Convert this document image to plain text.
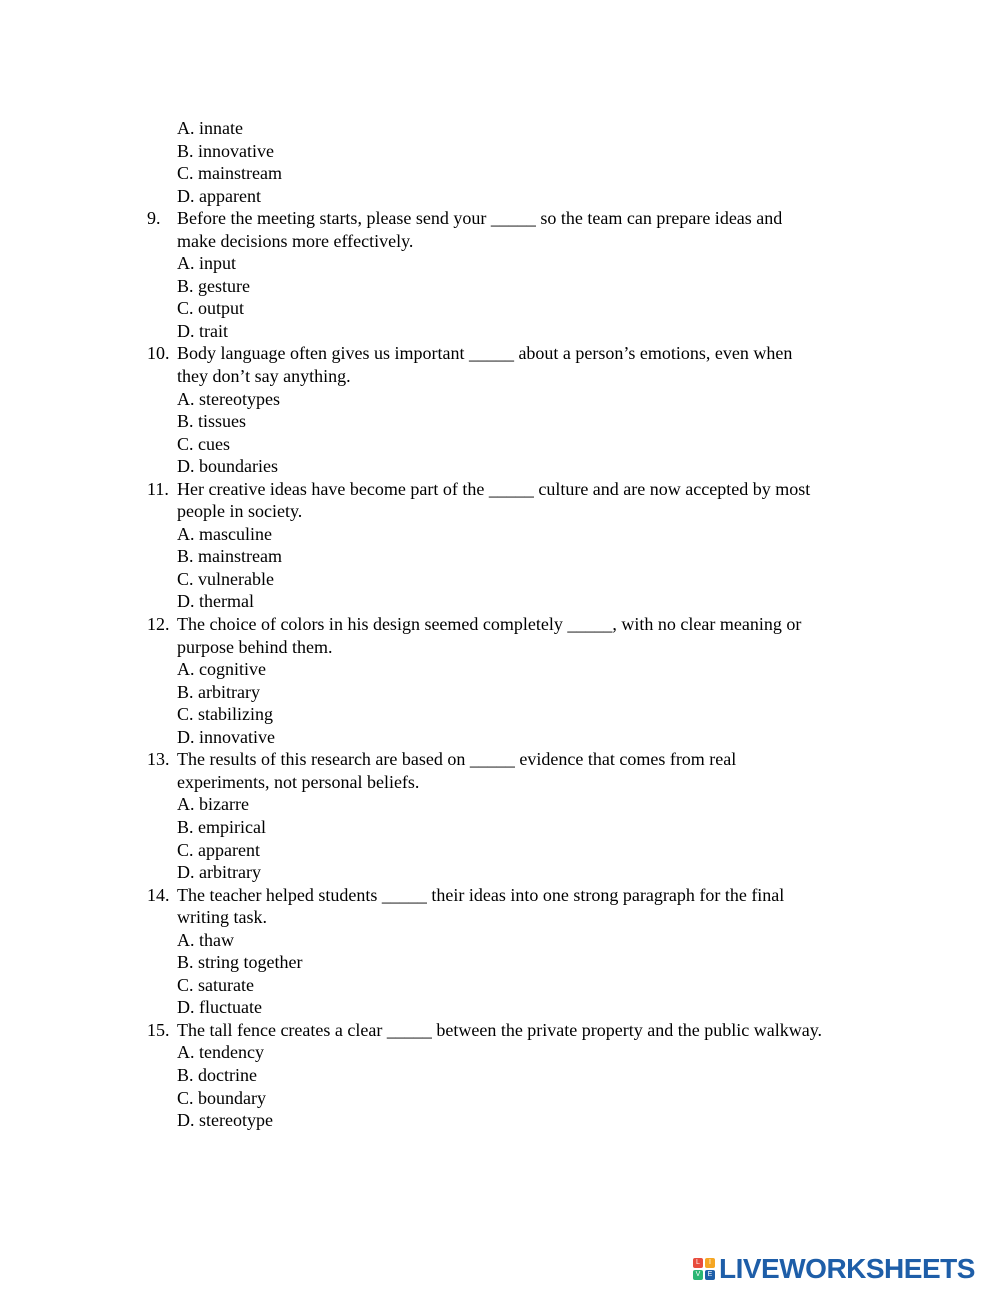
A. innate
B. innovative
C. mainstream
D. apparent
9. Before the meeting starts, please send your _____ so the team can prepare ideas and
make decisions more effectively.
A. input
B. gesture
C. output
D. trait
10. Body language often gives us important _____ about a person’s emotions, even when
they don’t say anything.
A. stereotypes
B. tissues
C. cues
D. boundaries
11. Her creative ideas have become part of the _____ culture and are now accepted by most
people in society.
A. masculine
B. mainstream
C. vulnerable
D. thermal
12. The choice of colors in his design seemed completely _____, with no clear meaning or
purpose behind them.
A. cognitive
B. arbitrary
C. stabilizing
D. innovative
13. The results of this research are based on _____ evidence that comes from real
experiments, not personal beliefs.
A. bizarre
B. empirical
C. apparent
D. arbitrary
14. The teacher helped students _____ their ideas into one strong paragraph for the final
writing task.
A. thaw
B. string together
C. saturate
D. fluctuate
15. The tall fence creates a clear _____ between the private property and the public walkway.
A. tendency
B. doctrine
C. boundary
D. stereotype
L	I
V	E LIVEWORKSHEETS
